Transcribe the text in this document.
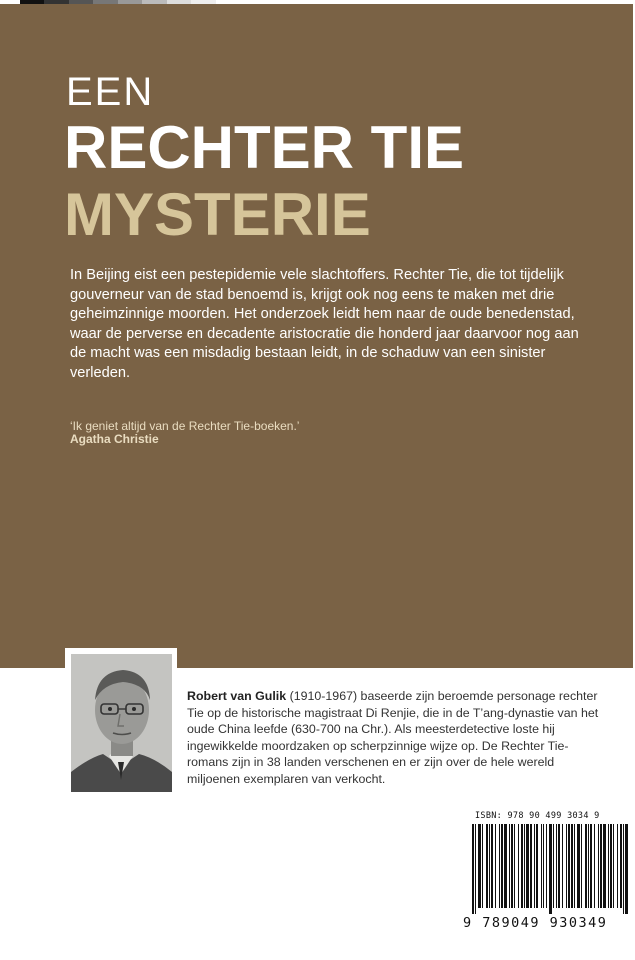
EEN
RECHTER TIE
MYSTERIE

In Beijing eist een pestepidemie vele slachtoffers. Rechter Tie, die tot tijdelijk gouverneur van de stad benoemd is, krijgt ook nog eens te maken met drie geheimzinnige moorden. Het onderzoek leidt hem naar de oude benedenstad, waar de perverse en decadente aristocratie die honderd jaar daarvoor nog aan de macht was een misdadig bestaan leidt, in de schaduw van een sinister verleden.

‘Ik geniet altijd van de Rechter Tie-boeken.’

Agatha Christie

Robert van Gulik (1910-1967) baseerde zijn beroemde personage rechter Tie op de historische magistraat Di Renjie, die in de T’ang-dynastie van het oude China leefde (630-700 na Chr.). Als meesterdetective loste hij ingewikkelde moordzaken op scherpzinnige wijze op. De Rechter Tie-romans zijn in 38 landen verschenen en er zijn over de hele wereld miljoenen exemplaren van verkocht.

ISBN: 978 90 499 3034 9
9 789049 930349
